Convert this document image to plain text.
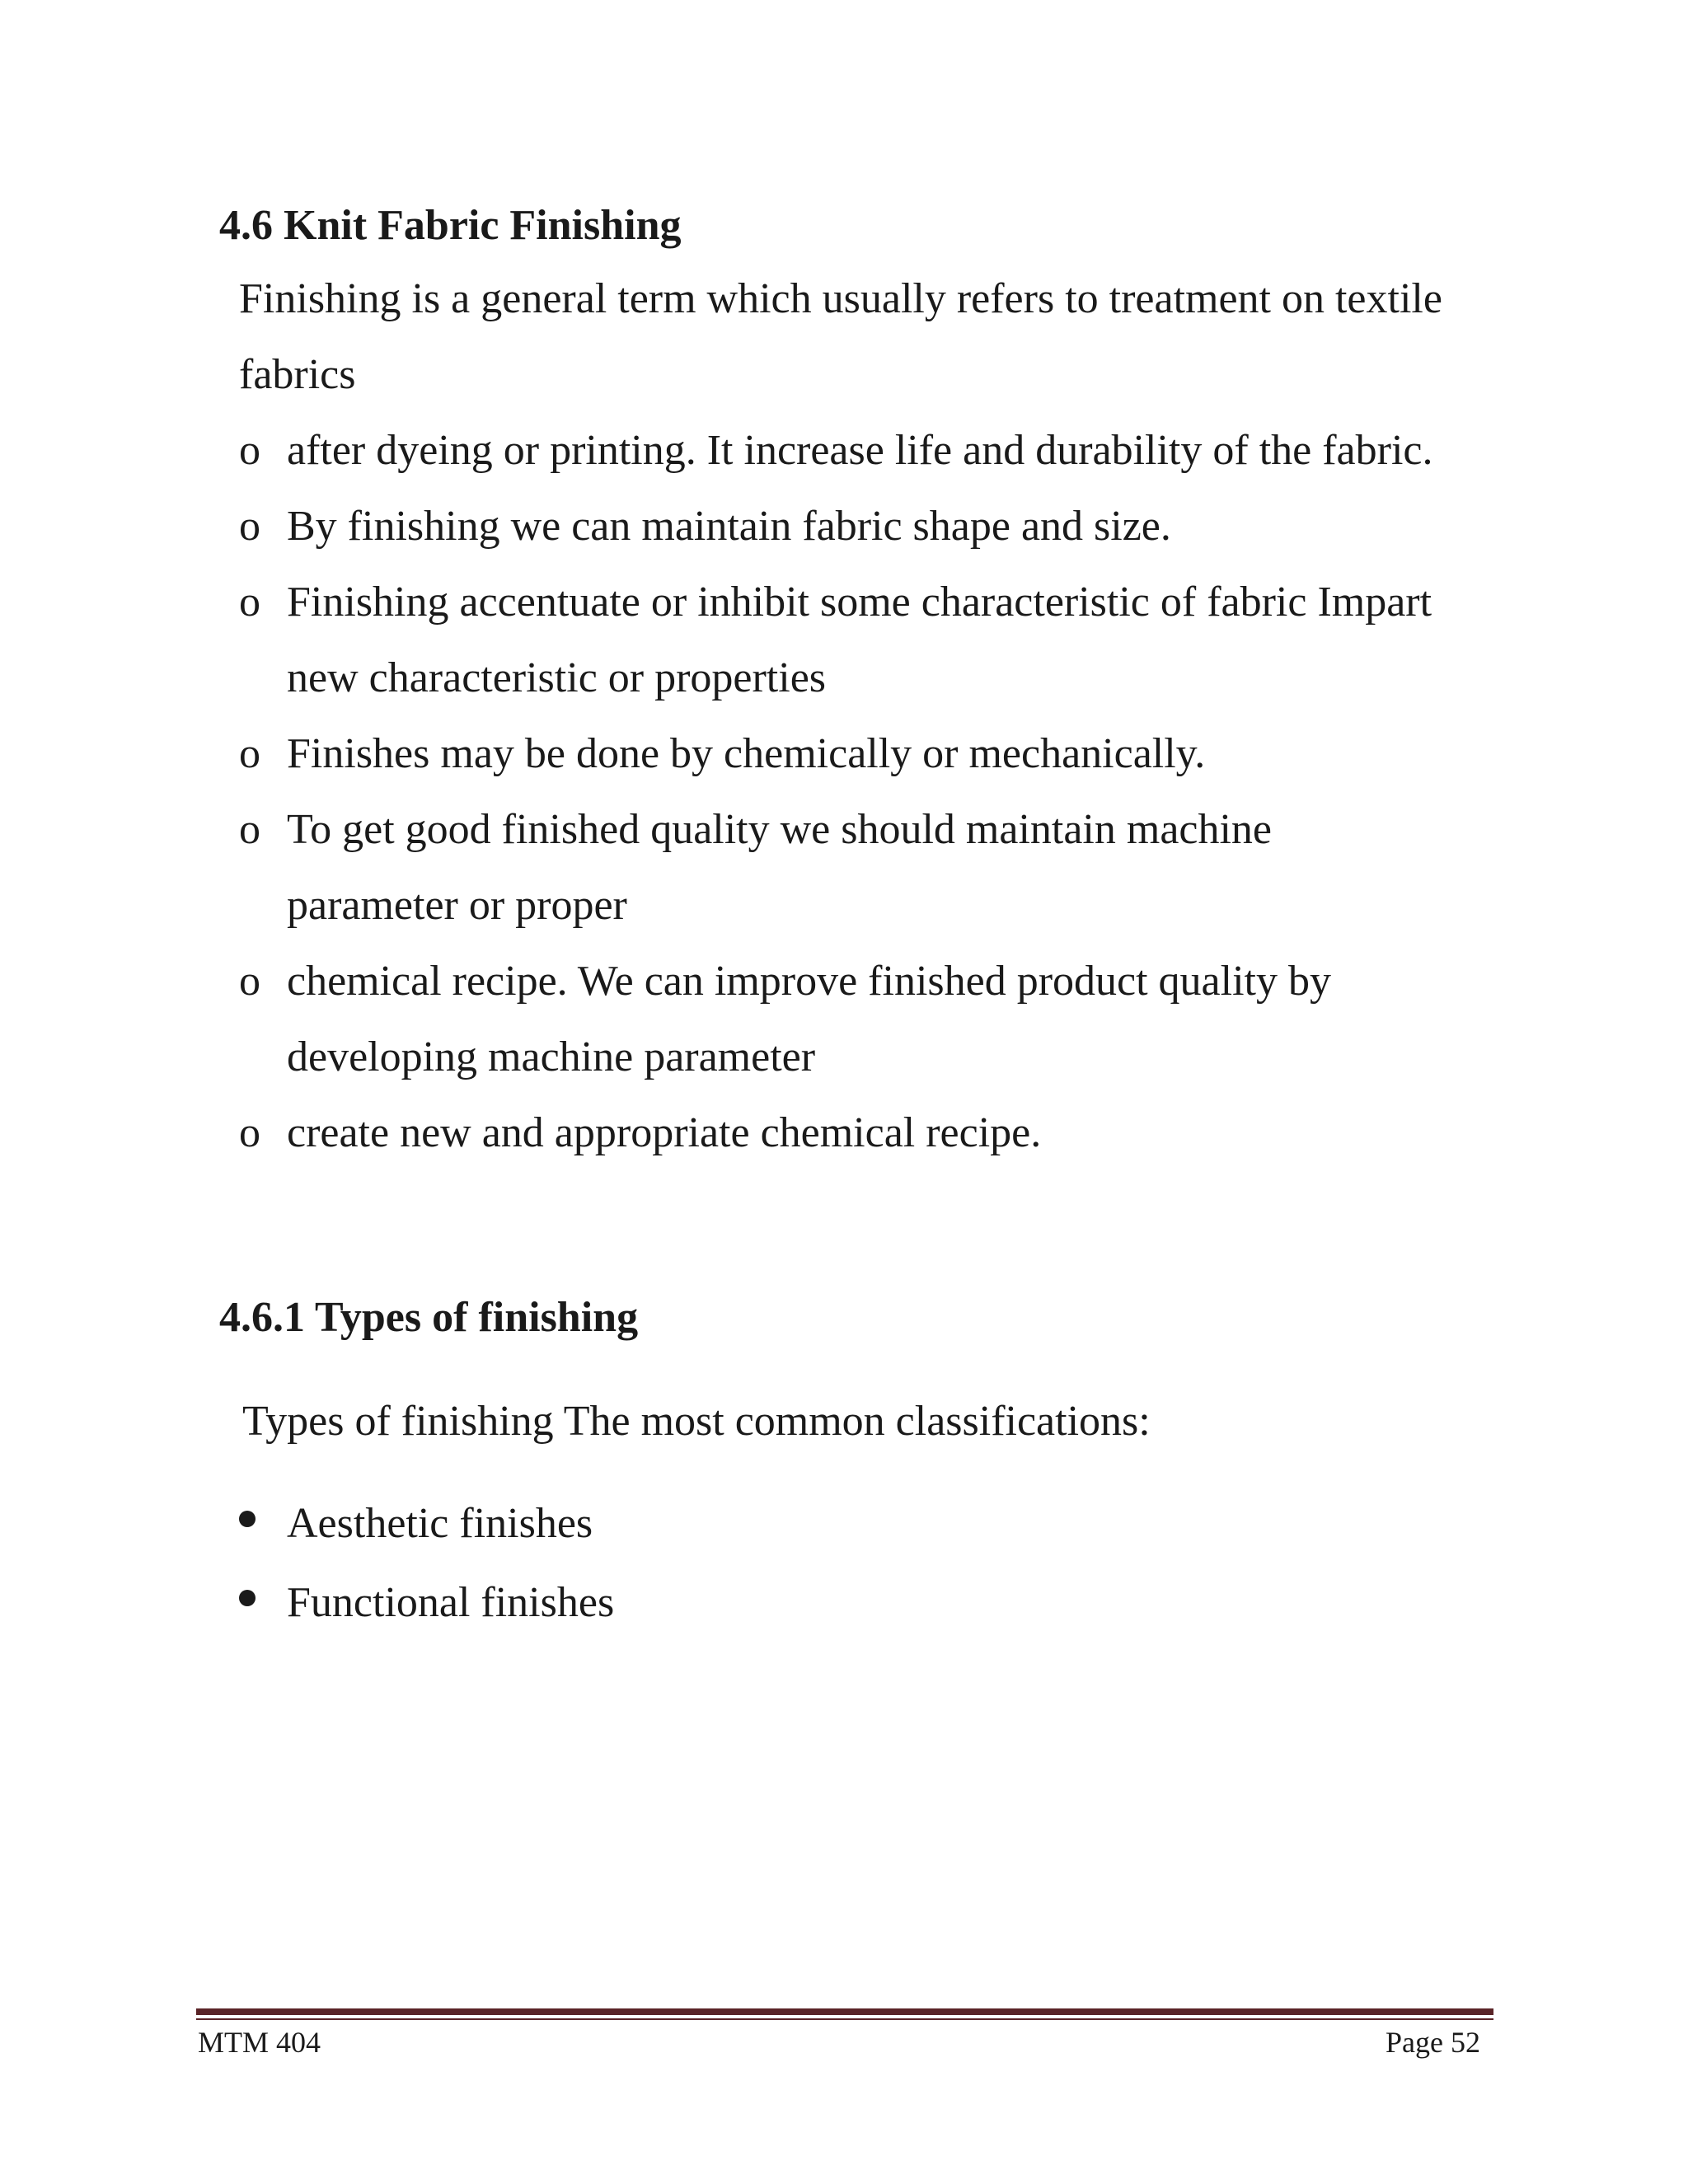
4.6 Knit Fabric Finishing
Finishing is a general term which usually refers to treatment on textile
fabrics
o after dyeing or printing. It increase life and durability of the fabric.
o By finishing we can maintain fabric shape and size.
o Finishing accentuate or inhibit some characteristic of fabric Impart
new characteristic or properties
o Finishes may be done by chemically or mechanically.
o To get good finished quality we should maintain machine
parameter or proper
o chemical recipe. We can improve finished product quality by
developing machine parameter
o create new and appropriate chemical recipe.
4.6.1 Types of finishing
Types of finishing The most common classifications:
Aesthetic finishes
Functional finishes
MTM 404	Page 52
